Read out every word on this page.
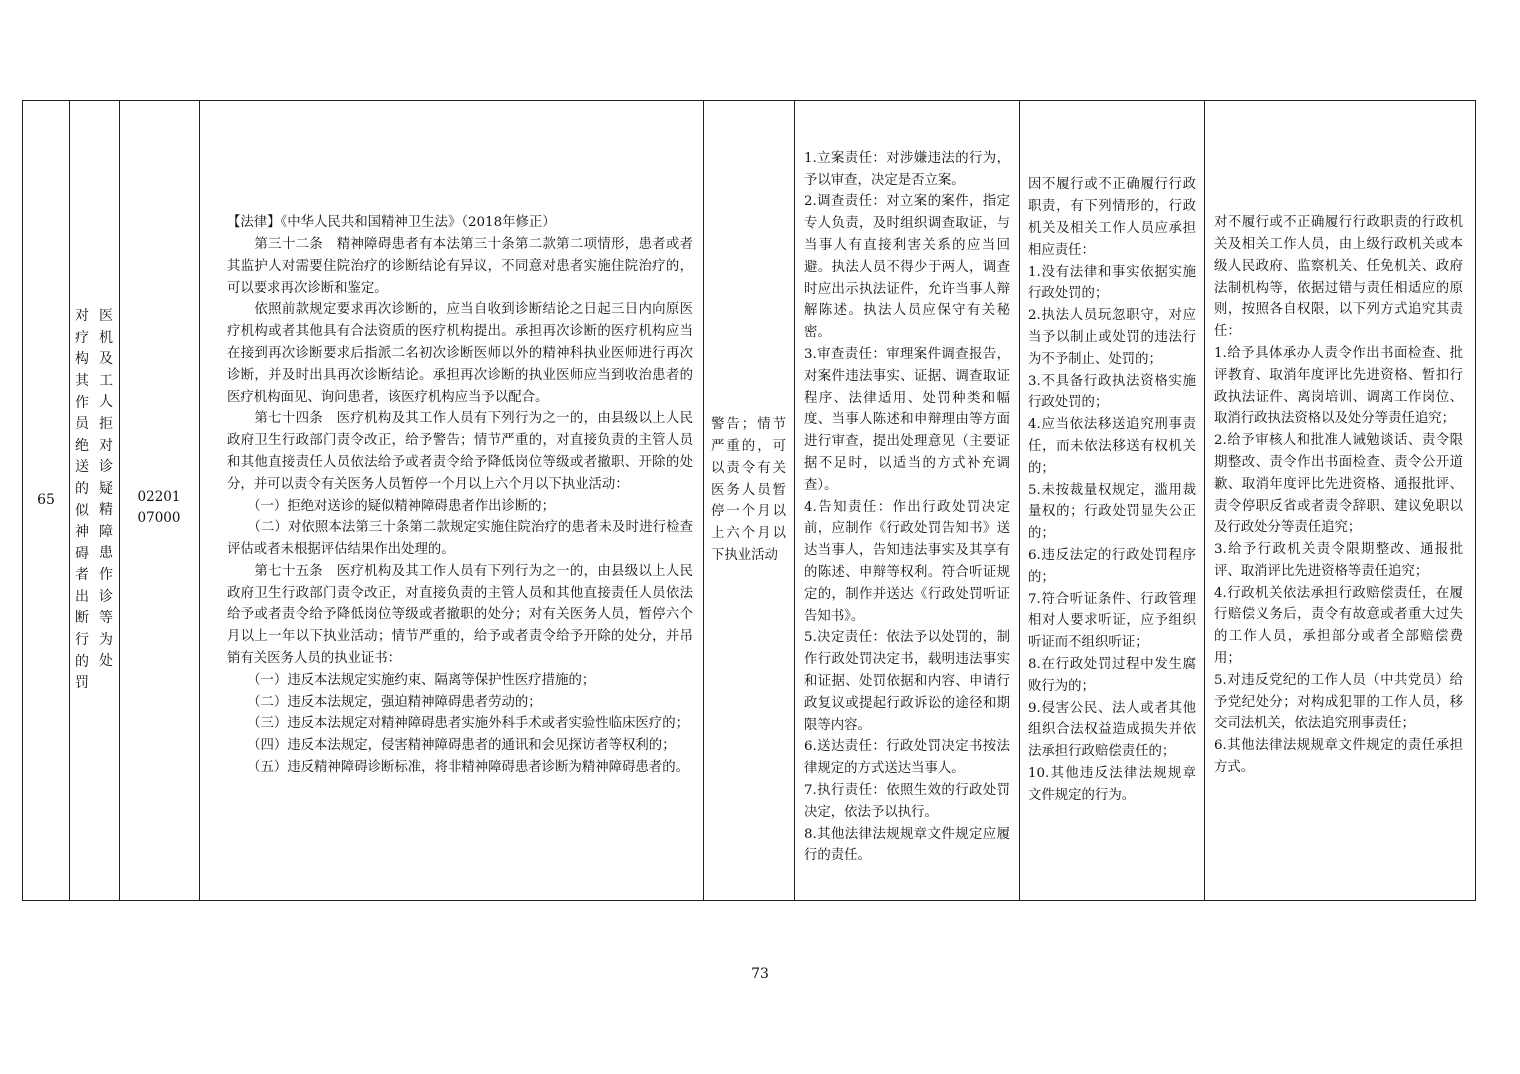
65
对
疗
构
其
作
员
绝
送
的
似
神
碍
者
出
断
行
的
罚
医
机
及
工
人
拒
对
诊
疑
精
障
患
作
诊
等
为
处
02201
07000
【法律】《中华人民共和国精神卫生法》（2018年修正）
　　第三十二条　精神障碍患者有本法第三十条第二款第二项情形，患者或者其监护人对需要住院治疗的诊断结论有异议，不同意对患者实施住院治疗的，可以要求再次诊断和鉴定。
　　依照前款规定要求再次诊断的，应当自收到诊断结论之日起三日内向原医疗机构或者其他具有合法资质的医疗机构提出。承担再次诊断的医疗机构应当在接到再次诊断要求后指派二名初次诊断医师以外的精神科执业医师进行再次诊断，并及时出具再次诊断结论。承担再次诊断的执业医师应当到收治患者的医疗机构面见、询问患者，该医疗机构应当予以配合。
　　第七十四条　医疗机构及其工作人员有下列行为之一的，由县级以上人民政府卫生行政部门责令改正，给予警告；情节严重的，对直接负责的主管人员和其他直接责任人员依法给予或者责令给予降低岗位等级或者撤职、开除的处分，并可以责令有关医务人员暂停一个月以上六个月以下执业活动：
　　（一）拒绝对送诊的疑似精神障碍患者作出诊断的；
　　（二）对依照本法第三十条第二款规定实施住院治疗的患者未及时进行检查评估或者未根据评估结果作出处理的。
　　第七十五条　医疗机构及其工作人员有下列行为之一的，由县级以上人民政府卫生行政部门责令改正，对直接负责的主管人员和其他直接责任人员依法给予或者责令给予降低岗位等级或者撤职的处分；对有关医务人员，暂停六个月以上一年以下执业活动；情节严重的，给予或者责令给予开除的处分，并吊销有关医务人员的执业证书：
　　（一）违反本法规定实施约束、隔离等保护性医疗措施的；
　　（二）违反本法规定，强迫精神障碍患者劳动的；
　　（三）违反本法规定对精神障碍患者实施外科手术或者实验性临床医疗的；
　　（四）违反本法规定，侵害精神障碍患者的通讯和会见探访者等权利的；
　　（五）违反精神障碍诊断标准，将非精神障碍患者诊断为精神障碍患者的。
警告；情节严重的，可以责令有关医务人员暂停一个月以上六个月以下执业活动
1.立案责任：对涉嫌违法的行为，予以审查，决定是否立案。
2.调查责任：对立案的案件，指定专人负责，及时组织调查取证，与当事人有直接利害关系的应当回避。执法人员不得少于两人，调查时应出示执法证件，允许当事人辩解陈述。执法人员应保守有关秘密。
3.审查责任：审理案件调查报告，对案件违法事实、证据、调查取证程序、法律适用、处罚种类和幅度、当事人陈述和申辩理由等方面进行审查，提出处理意见（主要证据不足时，以适当的方式补充调查）。
4.告知责任：作出行政处罚决定前，应制作《行政处罚告知书》送达当事人，告知违法事实及其享有的陈述、申辩等权利。符合听证规定的，制作并送达《行政处罚听证告知书》。
5.决定责任：依法予以处罚的，制作行政处罚决定书，载明违法事实和证据、处罚依据和内容、申请行政复议或提起行政诉讼的途径和期限等内容。
6.送达责任：行政处罚决定书按法律规定的方式送达当事人。
7.执行责任：依照生效的行政处罚决定，依法予以执行。
8.其他法律法规规章文件规定应履行的责任。
因不履行或不正确履行行政职责，有下列情形的，行政机关及相关工作人员应承担相应责任：
1.没有法律和事实依据实施行政处罚的；
2.执法人员玩忽职守，对应当予以制止或处罚的违法行为不予制止、处罚的；
3.不具备行政执法资格实施行政处罚的；
4.应当依法移送追究刑事责任，而未依法移送有权机关的；
5.未按裁量权规定，滥用裁量权的；行政处罚显失公正的；
6.违反法定的行政处罚程序的；
7.符合听证条件、行政管理相对人要求听证，应予组织听证而不组织听证；
8.在行政处罚过程中发生腐败行为的；
9.侵害公民、法人或者其他组织合法权益造成损失并依法承担行政赔偿责任的；
10.其他违反法律法规规章文件规定的行为。
对不履行或不正确履行行政职责的行政机关及相关工作人员，由上级行政机关或本级人民政府、监察机关、任免机关、政府法制机构等，依据过错与责任相适应的原则，按照各自权限，以下列方式追究其责任：
1.给予具体承办人责令作出书面检查、批评教育、取消年度评比先进资格、暂扣行政执法证件、离岗培训、调离工作岗位、取消行政执法资格以及处分等责任追究；
2.给予审核人和批准人诫勉谈话、责令限期整改、责令作出书面检查、责令公开道歉、取消年度评比先进资格、通报批评、责令停职反省或者责令辞职、建议免职以及行政处分等责任追究；
3.给予行政机关责令限期整改、通报批评、取消评比先进资格等责任追究；
4.行政机关依法承担行政赔偿责任，在履行赔偿义务后，责令有故意或者重大过失的工作人员，承担部分或者全部赔偿费用；
5.对违反党纪的工作人员（中共党员）给予党纪处分；对构成犯罪的工作人员，移交司法机关，依法追究刑事责任；
6.其他法律法规规章文件规定的责任承担方式。
73
